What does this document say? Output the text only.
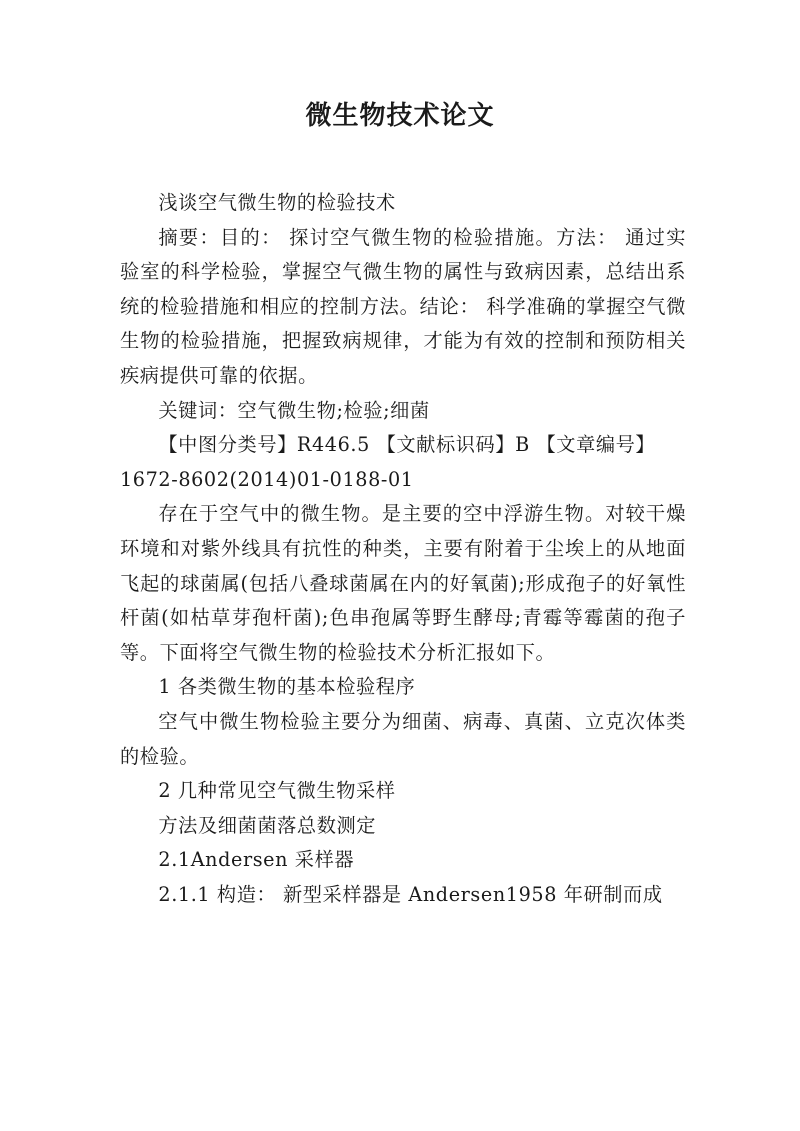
微生物技术论文

浅谈空气微生物的检验技术

摘要：目的： 探讨空气微生物的检验措施。方法： 通过实验室的科学检验，掌握空气微生物的属性与致病因素，总结出系统的检验措施和相应的控制方法。结论： 科学准确的掌握空气微生物的检验措施，把握致病规律，才能为有效的控制和预防相关疾病提供可靠的依据。

关键词：空气微生物;检验;细菌

【中图分类号】R446.5 【文献标识码】B 【文章编号】

1672-8602(2014)01-0188-01

存在于空气中的微生物。是主要的空中浮游生物。对较干燥环境和对紫外线具有抗性的种类，主要有附着于尘埃上的从地面飞起的球菌属(包括八叠球菌属在内的好氧菌);形成孢子的好氧性杆菌(如枯草芽孢杆菌);色串孢属等野生酵母;青霉等霉菌的孢子等。下面将空气微生物的检验技术分析汇报如下。

1 各类微生物的基本检验程序

空气中微生物检验主要分为细菌、病毒、真菌、立克次体类的检验。

2 几种常见空气微生物采样

方法及细菌菌落总数测定

2.1Andersen 采样器

2.1.1 构造： 新型采样器是 Andersen1958 年研制而成
